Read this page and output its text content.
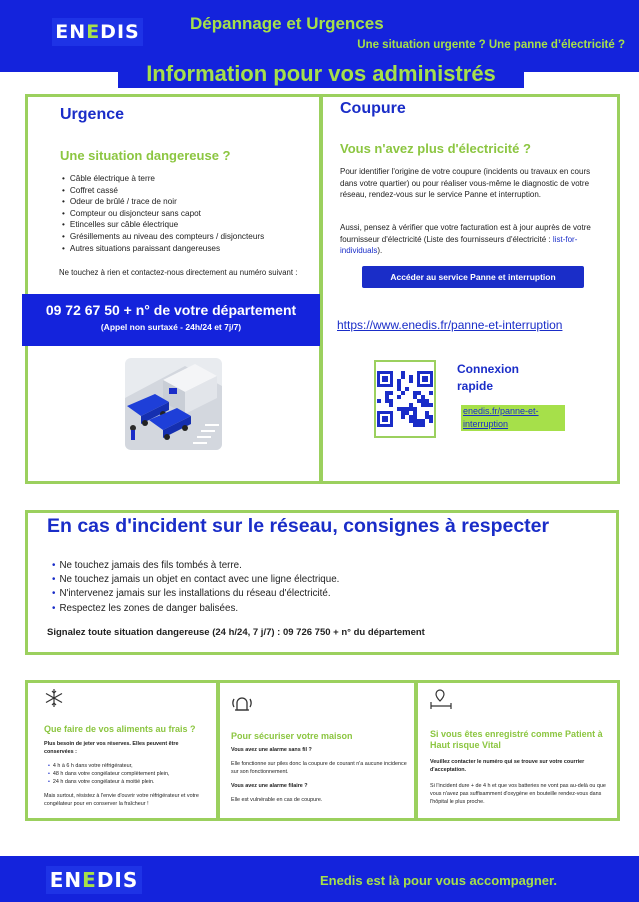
EN E DIS	Dépannage et Urgences
Une situation urgente ? Une panne d’électricité ?
Information pour vos administrés
Urgence
Une situation dangereuse ?
• Câble électrique à terre
• Coffret cassé
• Odeur de brûlé / trace de noir
• Compteur ou disjoncteur sans capot
• Etincelles sur câble électrique
• Grésillements au niveau des compteurs / disjoncteurs
• Autres situations paraissant dangereuses
Ne touchez à rien et contactez-nous directement au numéro suivant :
09 72 67 50 + n° de votre département
(Appel non surtaxé - 24h/24 et 7j/7)
Coupure
Vous n'avez plus d'électricité ?
Pour identifier l'origine de votre coupure (incidents ou travaux en cours dans votre quartier) ou pour réaliser vous-même le diagnostic de votre réseau, rendez-vous sur le service Panne et interruption.
Aussi, pensez à vérifier que votre facturation est à jour auprès de votre fournisseur d'électricité (Liste des fournisseurs d'électricité : list-for-individuals).
Accéder au service Panne et interruption
https://www.enedis.fr/panne-et-interruption
Connexion
rapide
enedis.fr/panne-et-interruption
En cas d'incident sur le réseau, consignes à respecter
• Ne touchez jamais des fils tombés à terre.
• Ne touchez jamais un objet en contact avec une ligne électrique.
• N'intervenez jamais sur les installations du réseau d'électricité.
• Respectez les zones de danger balisées.
Signalez toute situation dangereuse (24 h/24, 7 j/7) : 09 726 750 + n° du département
Que faire de vos aliments au frais ?
Plus besoin de jeter vos réserves. Elles peuvent être conservées :
• 4 h à 6 h dans votre réfrigérateur,
• 48 h dans votre congélateur complètement plein,
• 24 h dans votre congélateur à moitié plein.
Mais surtout, résistez à l'envie d'ouvrir votre réfrigérateur et votre congélateur pour en conserver la fraîcheur !
Pour sécuriser votre maison
Vous avez une alarme sans fil ?
Elle fonctionne sur piles donc la coupure de courant n'a aucune incidence sur son fonctionnement.
Vous avez une alarme filaire ?
Elle est vulnérable en cas de coupure.
Si vous êtes enregistré comme Patient à Haut risque Vital
Veuillez contacter le numéro qui se trouve sur votre courrier d'acceptation.
Si l'incident dure + de 4 h et que vos batteries ne vont pas au-delà ou que vous n'avez pas suffisamment d'oxygène en bouteille rendez-vous dans l'hôpital le plus proche.
EN E DIS	Enedis est là pour vous accompagner.
